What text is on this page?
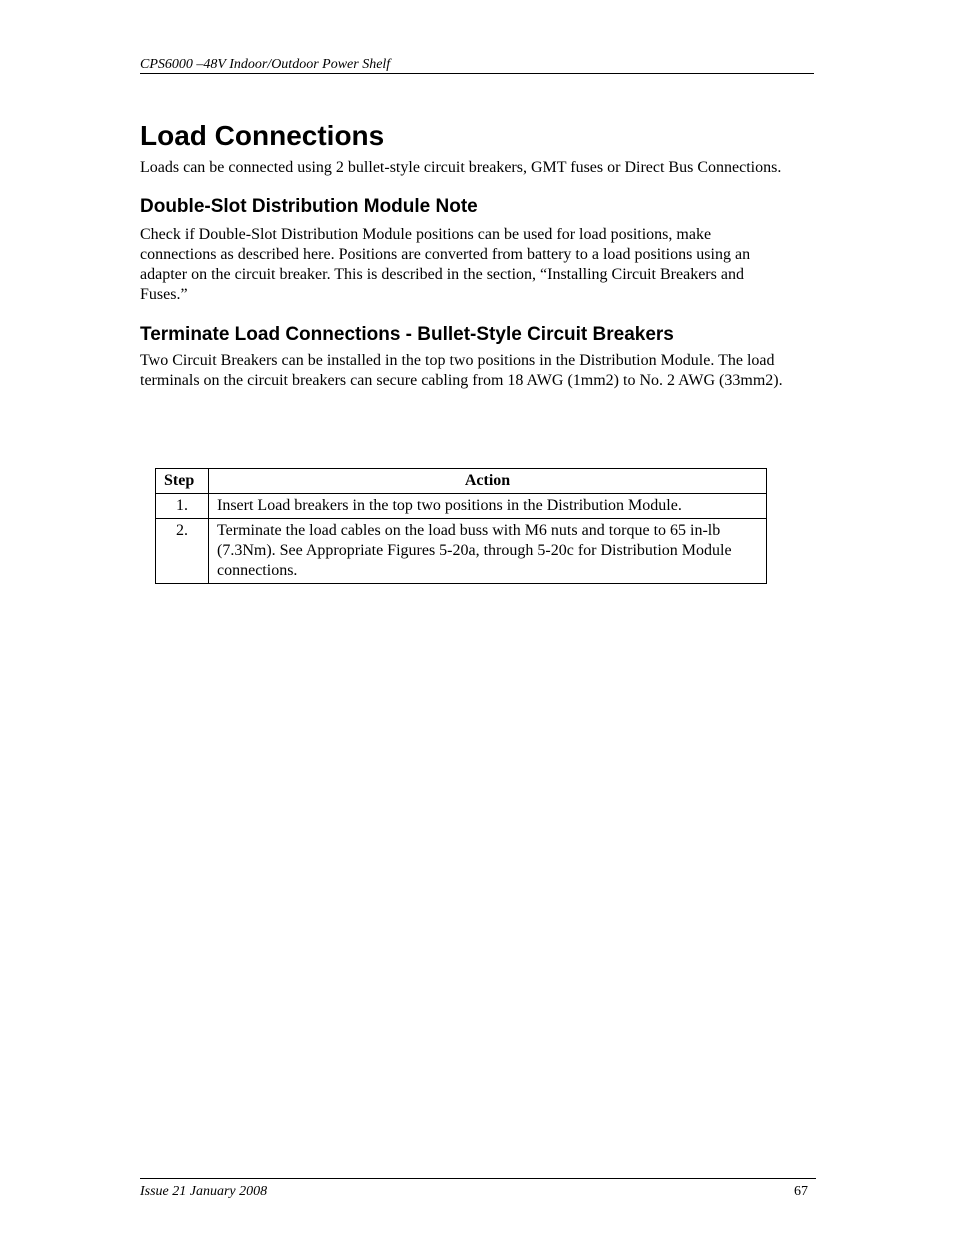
CPS6000 –48V Indoor/Outdoor Power Shelf
Load Connections

Loads can be connected using 2 bullet-style circuit breakers, GMT fuses or Direct Bus Connections.

Double-Slot Distribution Module Note

Check if Double-Slot Distribution Module positions can be used for load positions, make connections as described here. Positions are converted from battery to a load positions using an adapter on the circuit breaker. This is described in the section, “Installing Circuit Breakers and Fuses.”

Terminate Load Connections - Bullet-Style Circuit Breakers

Two Circuit Breakers can be installed in the top two positions in the Distribution Module. The load terminals on the circuit breakers can secure cabling from 18 AWG (1mm2) to No. 2 AWG (33mm2).

Step	Action
1.	Insert Load breakers in the top two positions in the Distribution Module.
2.	Terminate the load cables on the load buss with M6 nuts and torque to 65 in-lb (7.3Nm). See Appropriate Figures 5-20a, through 5-20c for Distribution Module connections.
Issue 21 January 2008	67
